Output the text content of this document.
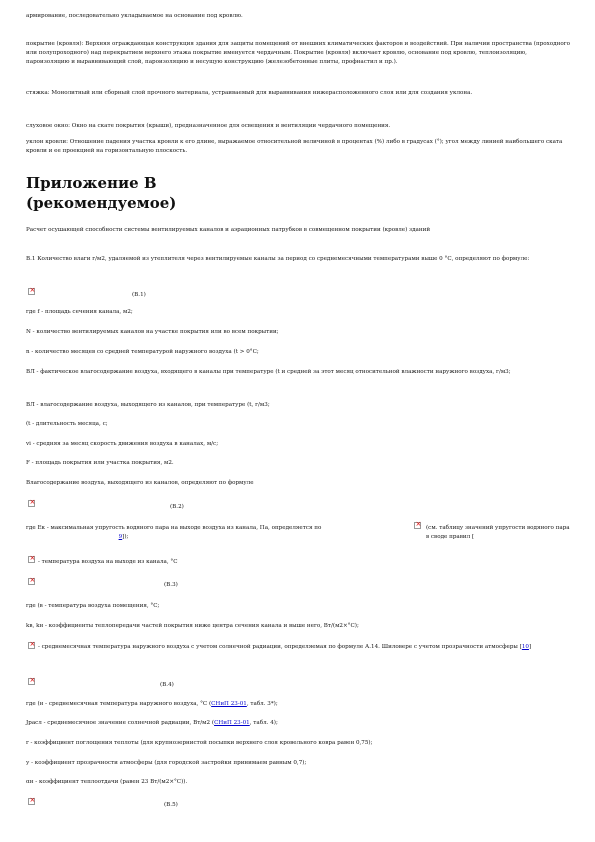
армирование, последовательно укладываемое на основание под кровлю.
покрытие (кровля): Верхняя ограждающая конструкция здания для защиты помещений от внешних климатических факторов и воздействий. При наличии пространства (проходного или полупроходного) над перекрытием верхнего этажа покрытие именуется чердачным. Покрытие (кровля) включает кровлю, основание под кровлю, теплоизоляцию, пароизоляцию и выравнивающий слой, пароизоляцию и несущую конструкцию (железобетонные плиты, профнастил и пр.).
стяжка: Монолитный или сборный слой прочного материала, устраиваемый для выравнивания нижерасположенного слоя или для создания уклона.
слуховое окно: Окно на скате покрытия (крыши), предназначенное для освещения и вентиляции чердачного помещения.
уклон кровли: Отношение падения участка кровли к его длине, выражаемое относительной величиной в процентах (%) либо в градусах (°); угол между линией наибольшего ската кровли и ее проекцией на горизонтальную плоскость.
Приложение В
(рекомендуемое)
Расчет осушающей способности системы вентилируемых каналов и аэрационных патрубков в совмещенном покрытии (кровле) зданий
В.1 Количество влаги г/м2, удаляемой из утеплителя через вентилируемые каналы за период со среднемесячными температурами выше 0 °С, определяют по формуле:
×
(В.1)
где f - площадь сечения канала, м2;
N - количество вентилируемых каналов на участке покрытия или во всем покрытии;
n - количество месяцев со средней температурой наружного воздуха (t > 0°С;
ВЛ - фактическое влагосодержание воздуха, входящего в каналы при температуре (t и средней за этот месяц относительной влажности наружного воздуха, г/м3;
ВЛ - влагосодержание воздуха, выходящего из каналов, при температуре (t, г/м3;
(t - длительность месяца, с;
vi - средняя за месяц скорость движения воздуха в каналах, м/с;
F - площадь покрытия или участка покрытия, м2.
Влагосодержание воздуха, выходящего из каналов, определяют по формуле
×
(В.2)
где Ек - максимальная упругость водяного пара на выходе воздуха из канала, Па, определяется по
×	(см. таблицу значений упругости водяного пара в своде правил [
9]);
×
- температура воздуха на выходе из канала, °С
×
(В.3)
где (в - температура воздуха помещения, °С;
kв, kн - коэффициенты теплопередачи частей покрытия ниже центра сечения канала и выше него, Вт/(м2×°С);
×
- среднемесячная температура наружного воздуха с учетом солнечной радиации, определяемая по формуле А.14. Шиловере с учетом прозрачности атмосферы [10]
×
(В.4)
где (н - среднемесячная температура наружного воздуха, °С (СНиП 23-01, табл. 3*);
Jрасл - среднемесячное значение солнечной радиации, Вт/м2 (СНиП 23-01, табл. 4);
r - коэффициент поглощения теплоты (для крупнозернистой посыпки верхнего слоя кровельного ковра равен 0,75);
у - коэффициент прозрачности атмосферы (для городской застройки принимаем равным 0,7);
αн - коэффициент теплоотдачи (равен 23 Вт/(м2×°С)).
×
(В.5)
